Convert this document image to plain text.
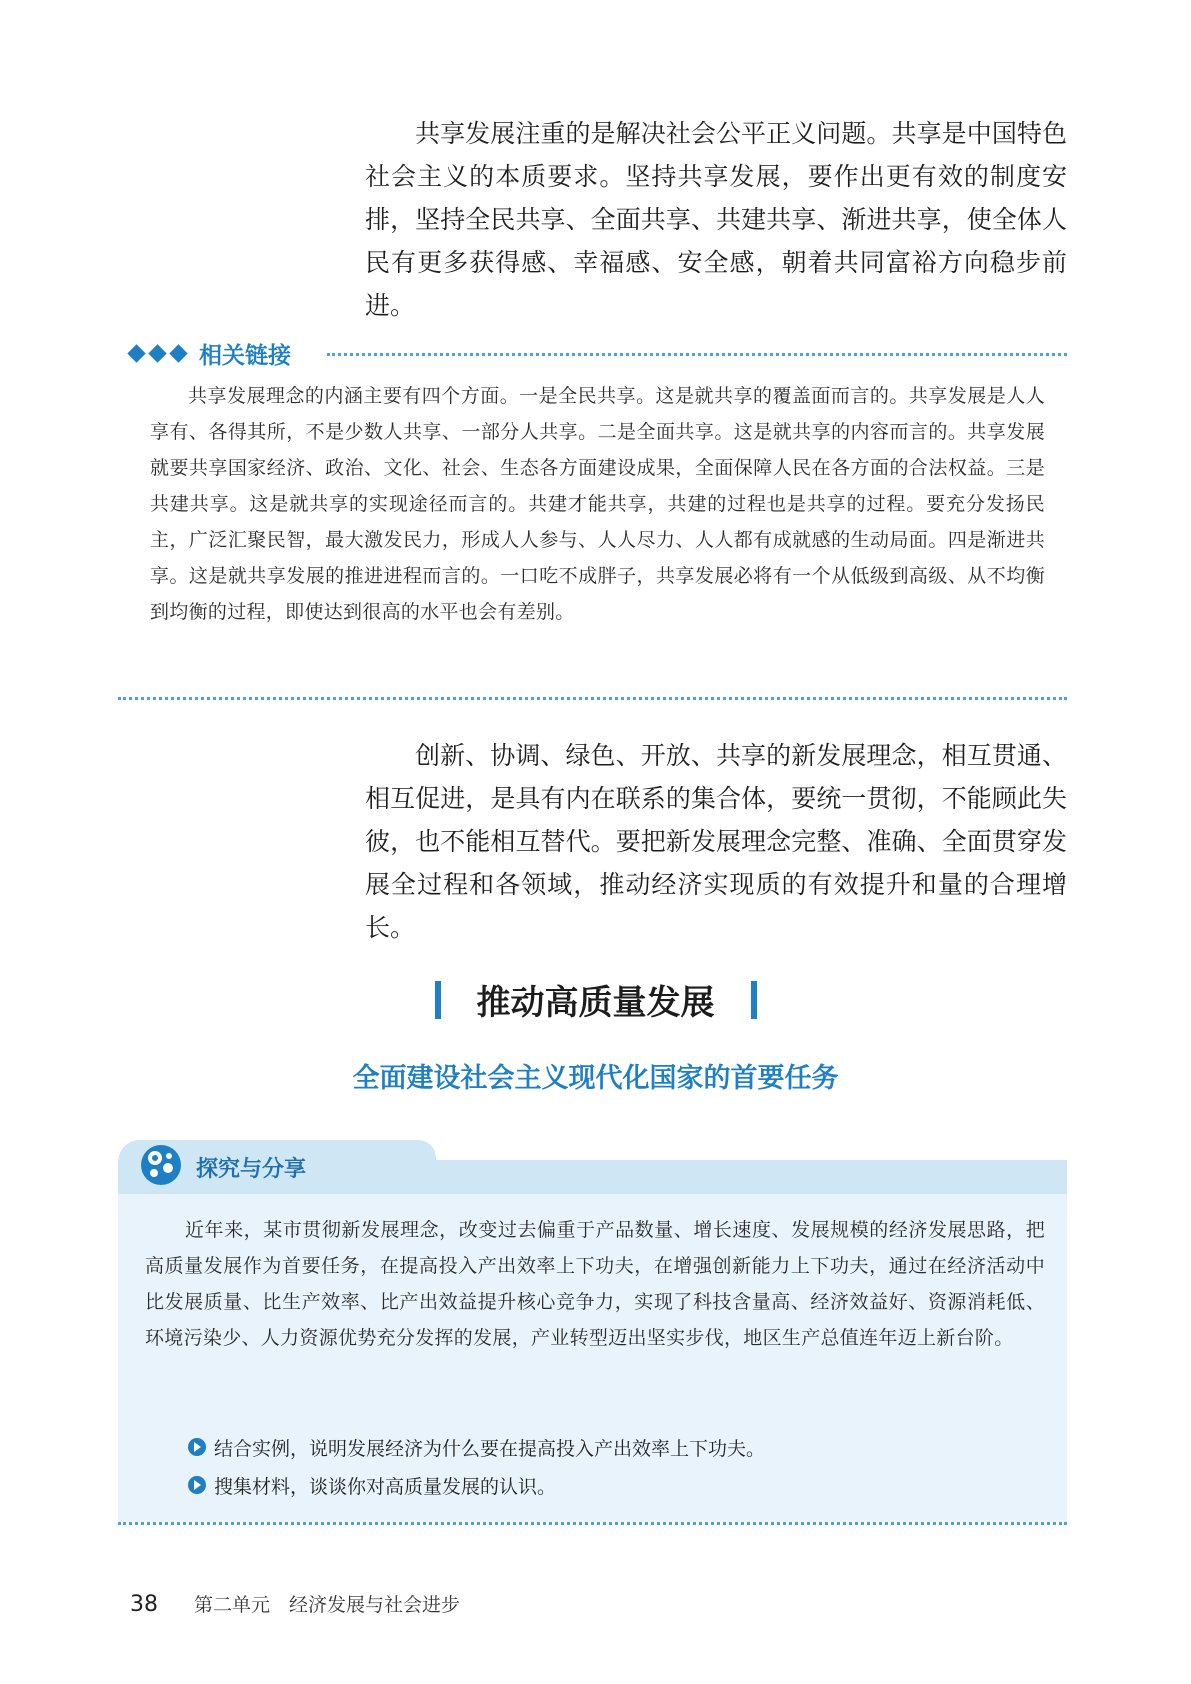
共享发展注重的是解决社会公平正义问题。共享是中国特色社会主义的本质要求。坚持共享发展，要作出更有效的制度安排，坚持全民共享、全面共享、共建共享、渐进共享，使全体人民有更多获得感、幸福感、安全感，朝着共同富裕方向稳步前进。

相关链接

共享发展理念的内涵主要有四个方面。一是全民共享。这是就共享的覆盖面而言的。共享发展是人人享有、各得其所，不是少数人共享、一部分人共享。二是全面共享。这是就共享的内容而言的。共享发展就要共享国家经济、政治、文化、社会、生态各方面建设成果，全面保障人民在各方面的合法权益。三是共建共享。这是就共享的实现途径而言的。共建才能共享，共建的过程也是共享的过程。要充分发扬民主，广泛汇聚民智，最大激发民力，形成人人参与、人人尽力、人人都有成就感的生动局面。四是渐进共享。这是就共享发展的推进进程而言的。一口吃不成胖子，共享发展必将有一个从低级到高级、从不均衡到均衡的过程，即使达到很高的水平也会有差别。

创新、协调、绿色、开放、共享的新发展理念，相互贯通、相互促进，是具有内在联系的集合体，要统一贯彻，不能顾此失彼，也不能相互替代。要把新发展理念完整、准确、全面贯穿发展全过程和各领域，推动经济实现质的有效提升和量的合理增长。

推动高质量发展
全面建设社会主义现代化国家的首要任务
探究与分享

近年来，某市贯彻新发展理念，改变过去偏重于产品数量、增长速度、发展规模的经济发展思路，把高质量发展作为首要任务，在提高投入产出效率上下功夫，在增强创新能力上下功夫，通过在经济活动中比发展质量、比生产效率、比产出效益提升核心竞争力，实现了科技含量高、经济效益好、资源消耗低、环境污染少、人力资源优势充分发挥的发展，产业转型迈出坚实步伐，地区生产总值连年迈上新台阶。

结合实例，说明发展经济为什么要在提高投入产出效率上下功夫。
搜集材料，谈谈你对高质量发展的认识。
38 第二单元　经济发展与社会进步
